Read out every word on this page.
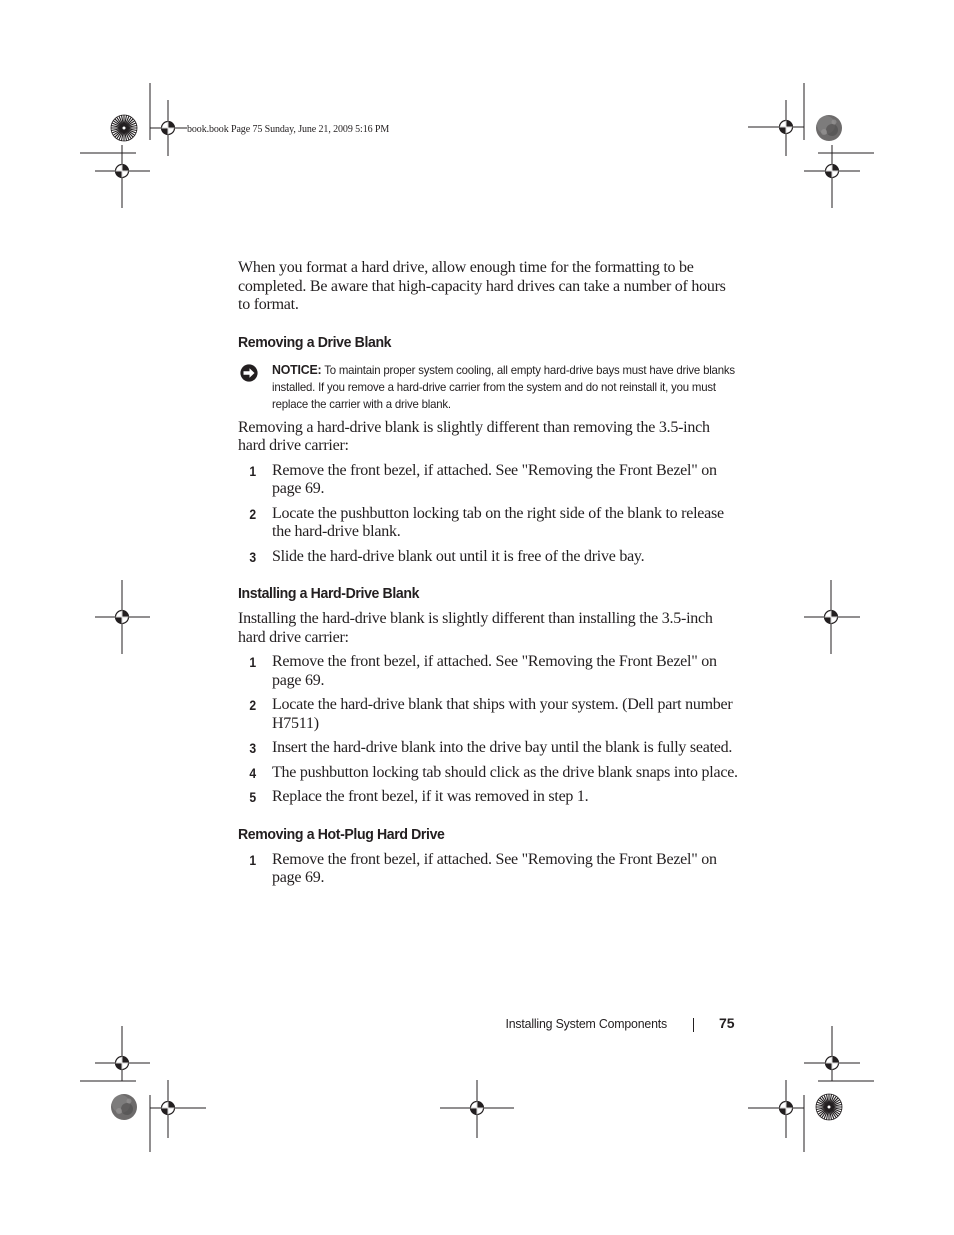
book.book Page 75 Sunday, June 21, 2009 5:16 PM

When you format a hard drive, allow enough time for the formatting to be completed. Be aware that high-capacity hard drives can take a number of hours to format.

Removing a Drive Blank
NOTICE: To maintain proper system cooling, all empty hard-drive bays must have drive blanks installed. If you remove a hard-drive carrier from the system and do not reinstall it, you must replace the carrier with a drive blank.

Removing a hard-drive blank is slightly different than removing the 3.5-inch hard drive carrier:

1 Remove the front bezel, if attached. See "Removing the Front Bezel" on page 69.
2 Locate the pushbutton locking tab on the right side of the blank to release the hard-drive blank.
3 Slide the hard-drive blank out until it is free of the drive bay.
Installing a Hard-Drive Blank

Installing the hard-drive blank is slightly different than installing the 3.5-inch hard drive carrier:

1 Remove the front bezel, if attached. See "Removing the Front Bezel" on page 69.
2 Locate the hard-drive blank that ships with your system. (Dell part number H7511)
3 Insert the hard-drive blank into the drive bay until the blank is fully seated.
4 The pushbutton locking tab should click as the drive blank snaps into place.
5 Replace the front bezel, if it was removed in step 1.
Removing a Hot-Plug Hard Drive
1 Remove the front bezel, if attached. See "Removing the Front Bezel" on page 69.
Installing System Components	75
